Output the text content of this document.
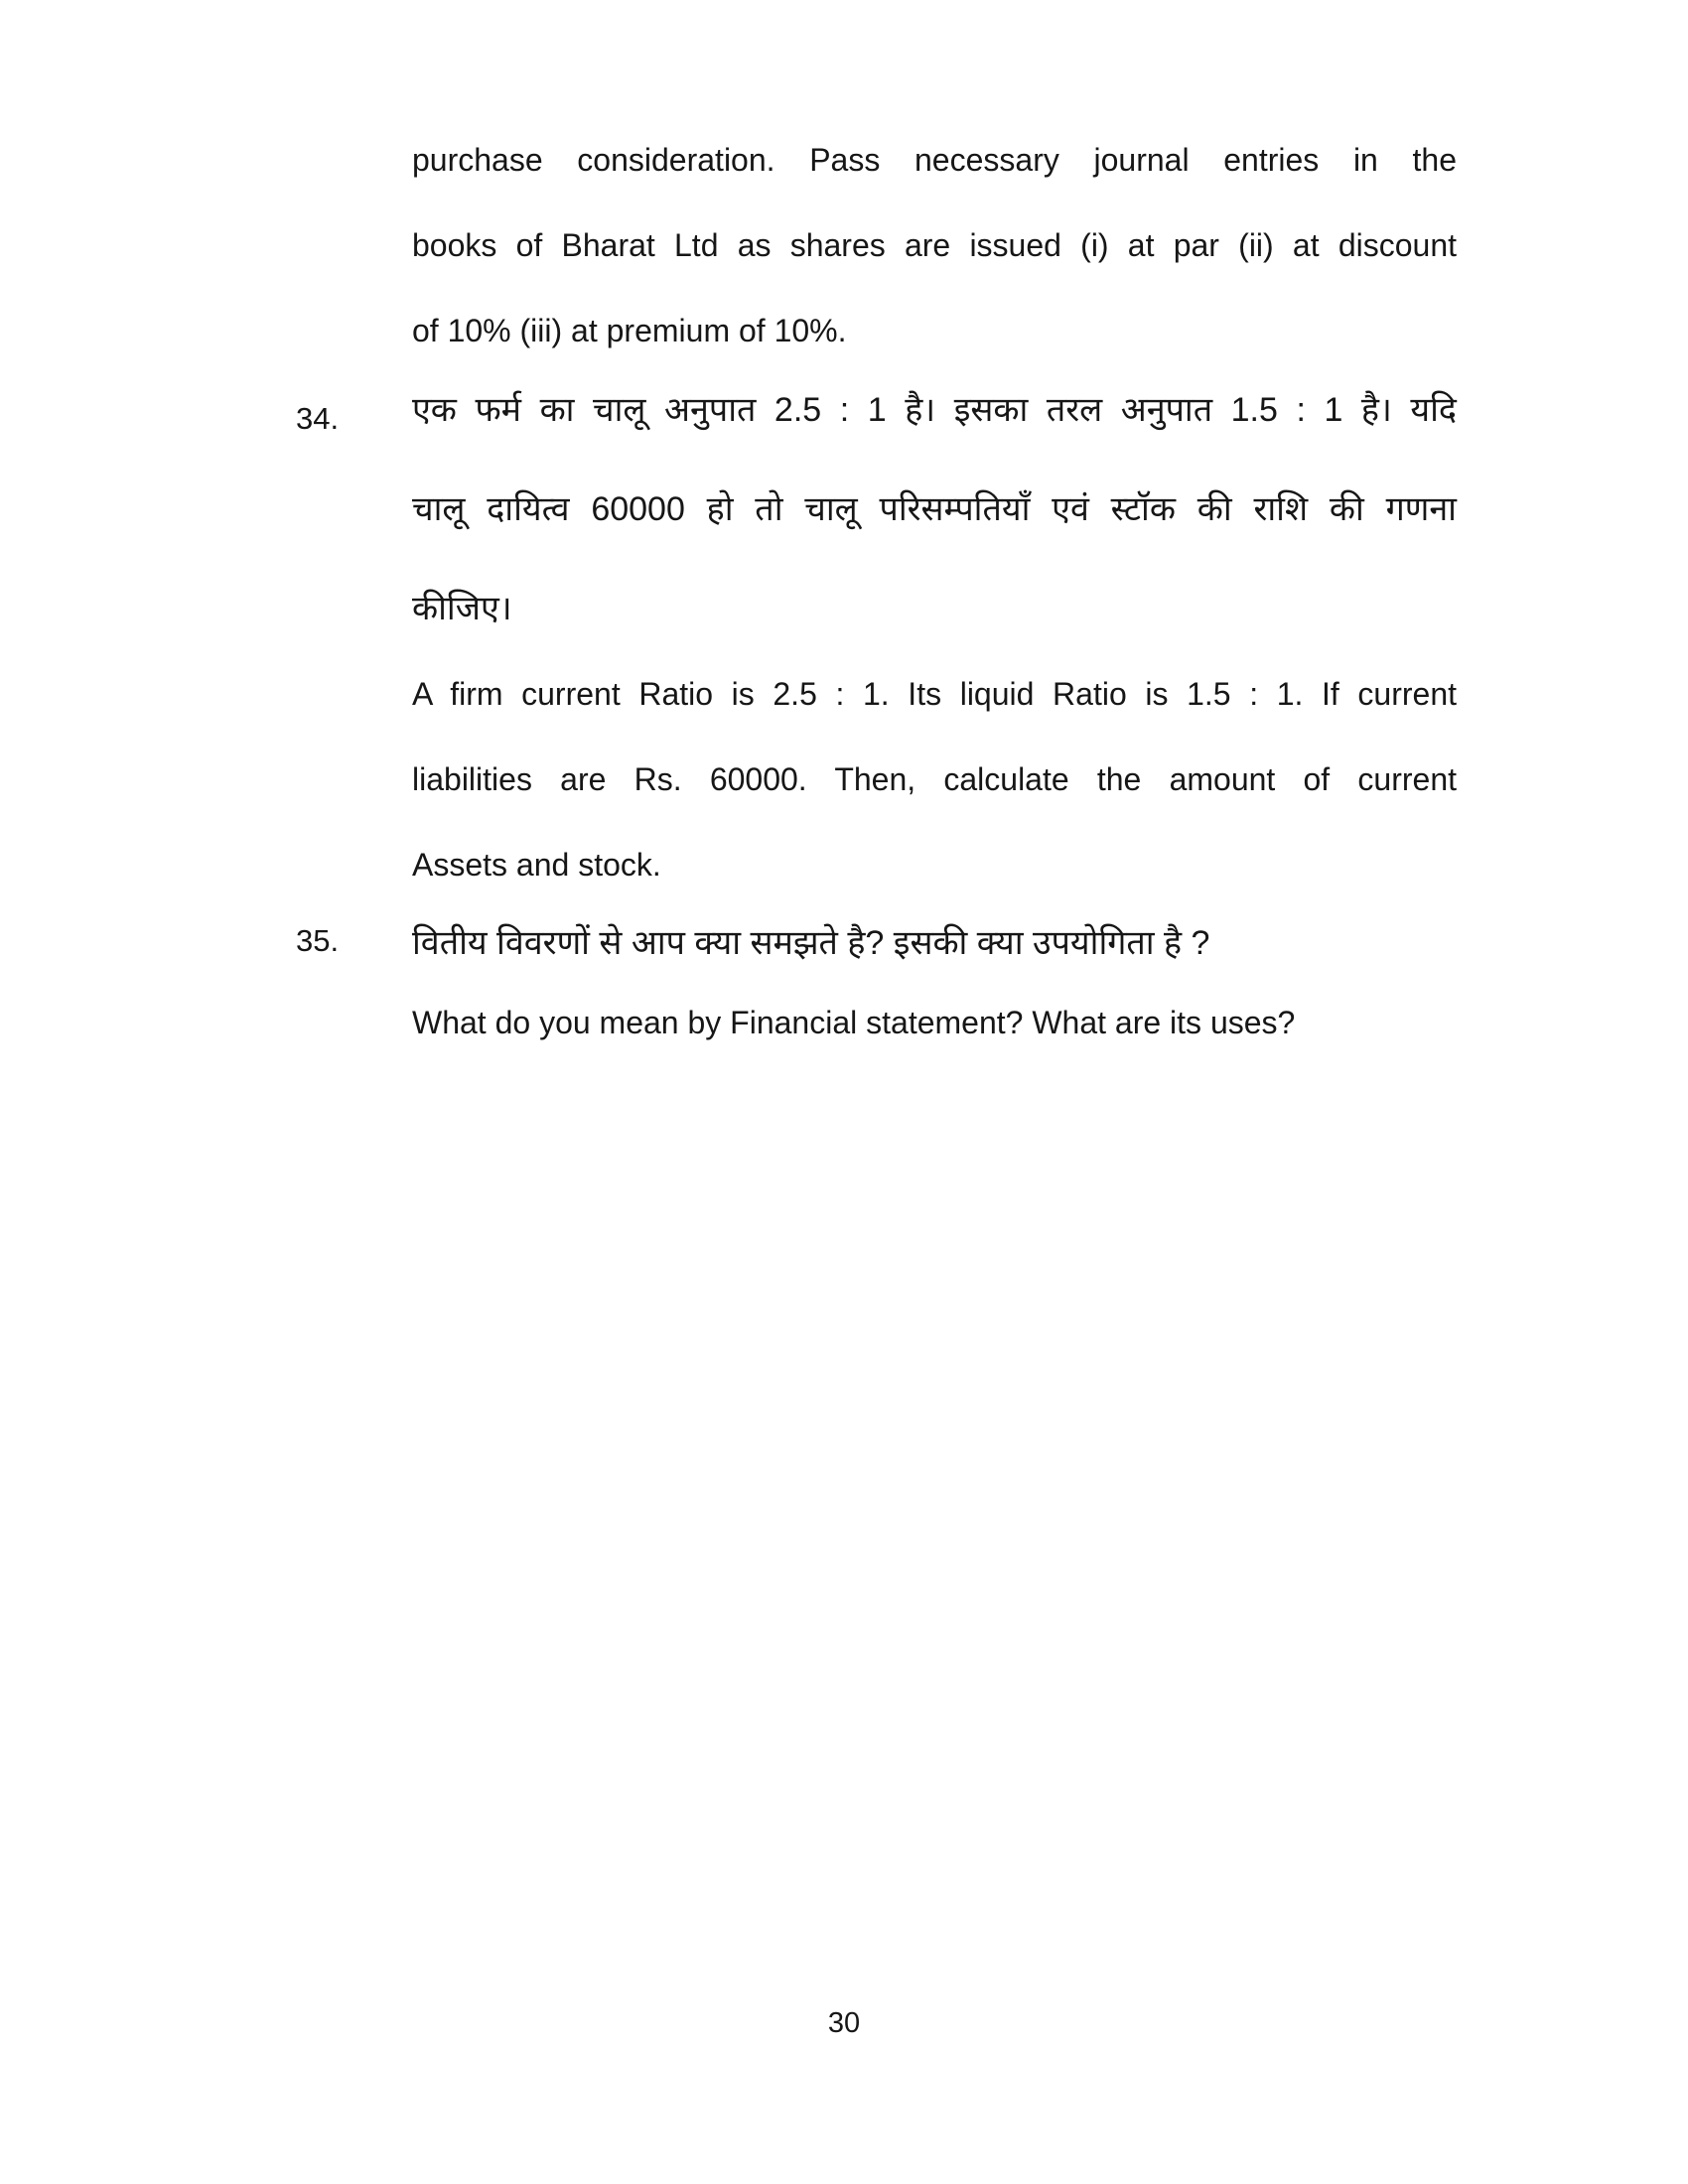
purchase consideration. Pass necessary journal entries in the
books of Bharat Ltd as shares are issued (i) at par (ii) at discount
of 10% (iii) at premium of 10%.
34. एक फर्म का चालू अनुपात 2.5 : 1 है। इसका तरल अनुपात 1.5 : 1 है। यदि
चालू दायित्व 60000 हो तो चालू परिसम्पतियाँ एवं स्टॉक की राशि की गणना
कीजिए।
A firm current Ratio is 2.5 : 1. Its liquid Ratio is 1.5 : 1. If current
liabilities are Rs. 60000. Then, calculate the amount of current
Assets and stock.
35. वितीय विवरणों से आप क्या समझते है? इसकी क्या उपयोगिता है ?
What do you mean by Financial statement? What are its uses?
30
